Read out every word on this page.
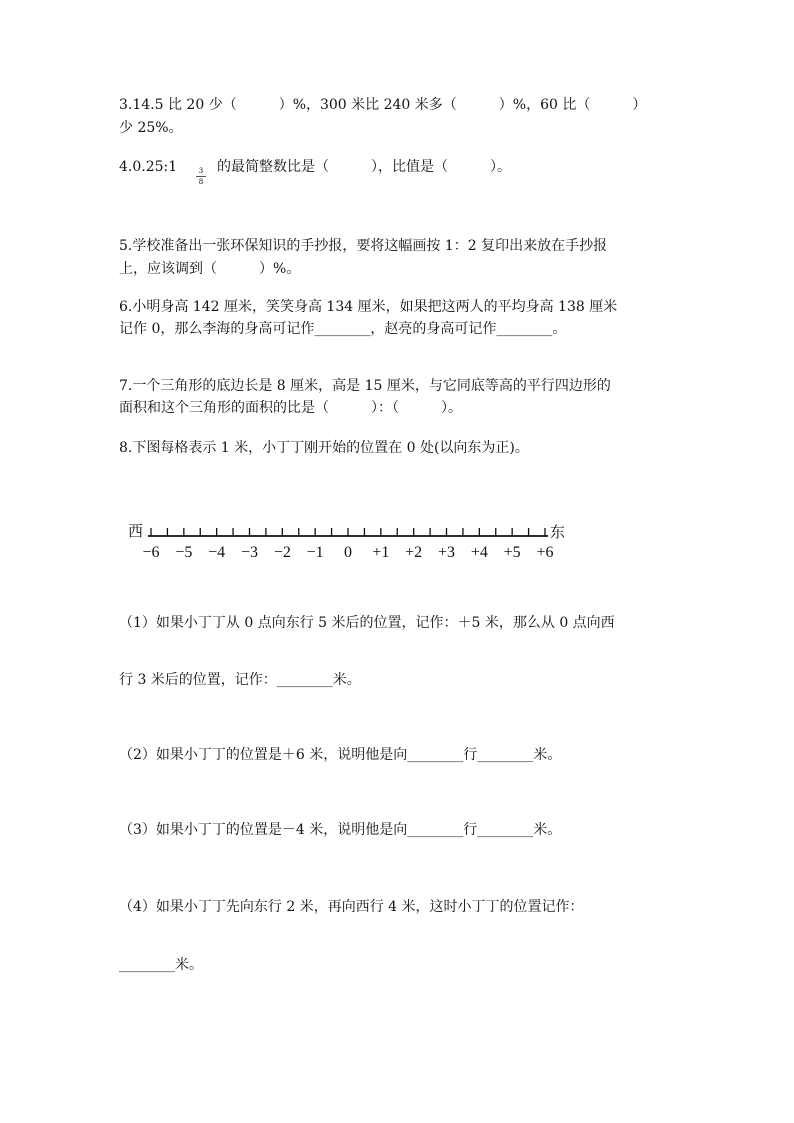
3.14.5 比 20 少（　　　）%，300 米比 240 米多（　　　）%，60 比（　　　）
少 25%。
4.0.25:1	3
8
的最简整数比是（　　　），比值是（　　　）。
5.学校准备出一张环保知识的手抄报，要将这幅画按 1：2 复印出来放在手抄报
上，应该调到（　　　）%。
6.小明身高 142 厘米，笑笑身高 134 厘米，如果把这两人的平均身高 138 厘米
记作 0，那么李海的身高可记作________，赵亮的身高可记作________。
7.一个三角形的底边长是 8 厘米，高是 15 厘米，与它同底等高的平行四边形的
面积和这个三角形的面积的比是（　　　）：（　　　）。
8.下图每格表示 1 米，小丁丁刚开始的位置在 0 处(以向东为正)。
西	东
−6 −5 −4 −3 −2 −1 0 +1 +2 +3 +4 +5 +6
（1）如果小丁丁从 0 点向东行 5 米后的位置，记作：＋5 米，那么从 0 点向西
行 3 米后的位置，记作：________米。
（2）如果小丁丁的位置是＋6 米，说明他是向________行________米。
（3）如果小丁丁的位置是－4 米，说明他是向________行________米。
（4）如果小丁丁先向东行 2 米，再向西行 4 米，这时小丁丁的位置记作：
________米。
